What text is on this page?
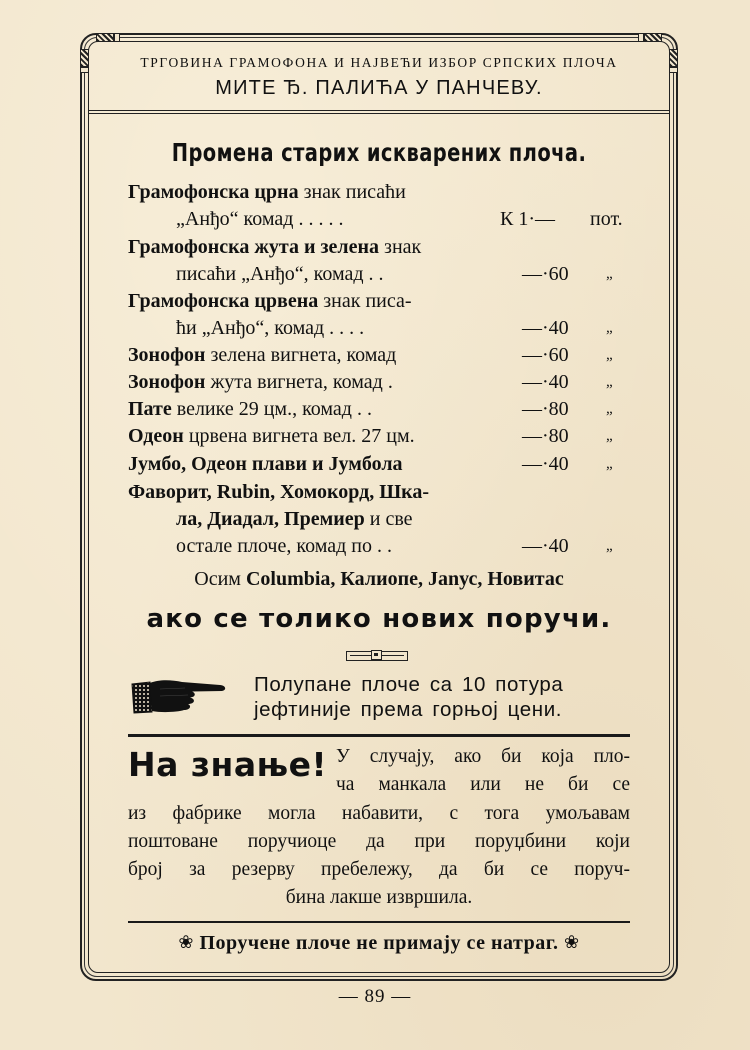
ТРГОВИНА ГРАМОФОНА И НАЈВЕЋИ ИЗБОР СРПСКИХ ПЛОЧА
МИТЕ Ђ. ПАЛИЋА У ПАНЧЕВУ.
Промена старих исквaрених плоча.
Грамофонска црна знак писаћи
„Анђо“ комад . . . . .	К 1·— пот.
Грамофонска жута и зелена знак
писаћи „Анђо“, комад . .	—·60 „
Грамофонска црвена знак писа-
ћи „Анђо“, комад . . . .	—·40 „
Зонофон зелена вигнета, комад	—·60 „
Зонофон жута вигнета, комад .	—·40 „
Пате велике 29 цм., комад . .	—·80 „
Одеон црвена вигнета вел. 27 цм.	—·80 „
Јумбо, Одеон плави и Јумбола	—·40 „
Фаворит, Rubin, Хомокорд, Шка-
ла, Диадал, Премиер и све
остале плоче, комад по . .	—·40 „
Осим Columbia, Калиопе, Janус, Новитас
ако се толико нових поручи.
Полупане плоче са 10 потура
јефтиније према горњој цени.
На знање! У случају, ако би која пло-
ча манкала или не би се
из фабрике могла набавити, с тога умољавам
поштоване поручиоце да при поруџбини који
број за резерву пребележу, да би се поруч-
бина лакше извршила.
❀ Поручене плоче не примају се натраг. ❀
— 89 —
